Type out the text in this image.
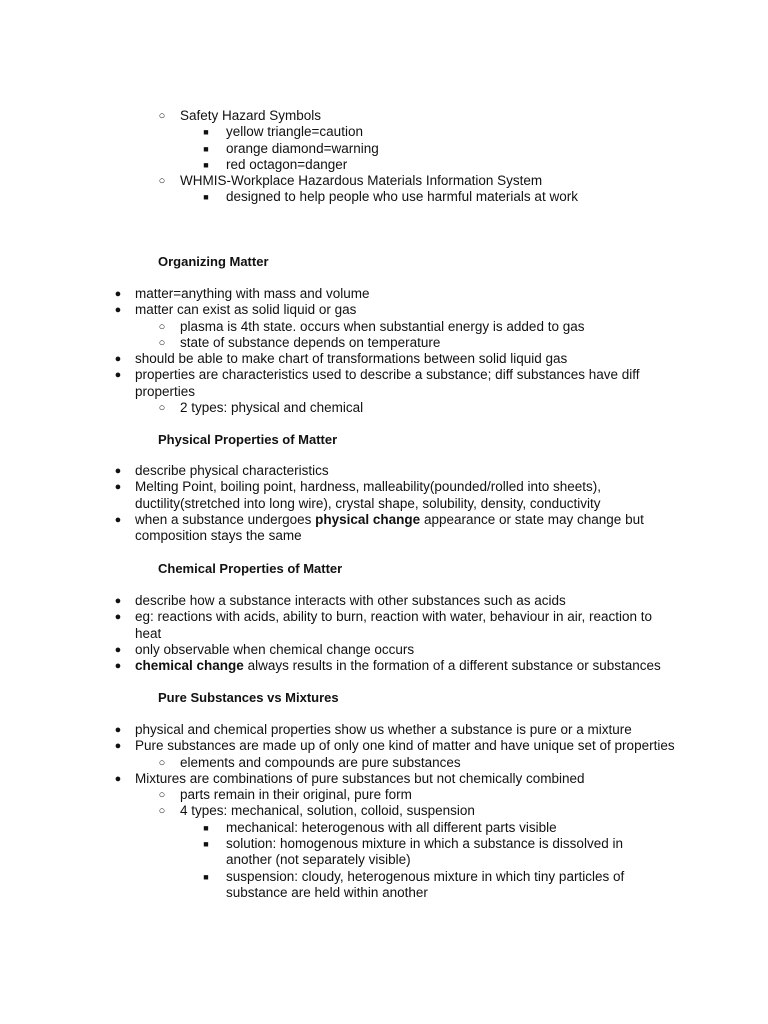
○ Safety Hazard Symbols

■ yellow triangle=caution

■ orange diamond=warning

■ red octagon=danger

○ WHMIS-Workplace Hazardous Materials Information System

■ designed to help people who use harmful materials at work

Organizing Matter

● matter=anything with mass and volume

● matter can exist as solid liquid or gas

○ plasma is 4th state. occurs when substantial energy is added to gas

○ state of substance depends on temperature

● should be able to make chart of transformations between solid liquid gas

● properties are characteristics used to describe a substance; diff substances have diff properties

○ 2 types: physical and chemical

Physical Properties of Matter

● describe physical characteristics

● Melting Point, boiling point, hardness, malleability(pounded/rolled into sheets), ductility(stretched into long wire), crystal shape, solubility, density, conductivity

● when a substance undergoes physical change appearance or state may change but composition stays the same

Chemical Properties of Matter

● describe how a substance interacts with other substances such as acids

● eg: reactions with acids, ability to burn, reaction with water, behaviour in air, reaction to heat

● only observable when chemical change occurs

● chemical change always results in the formation of a different substance or substances

Pure Substances vs Mixtures

● physical and chemical properties show us whether a substance is pure or a mixture

● Pure substances are made up of only one kind of matter and have unique set of properties

○ elements and compounds are pure substances

● Mixtures are combinations of pure substances but not chemically combined

○ parts remain in their original, pure form

○ 4 types: mechanical, solution, colloid, suspension

■ mechanical: heterogenous with all different parts visible

■ solution: homogenous mixture in which a substance is dissolved in another (not separately visible)

■ suspension: cloudy, heterogenous mixture in which tiny particles of substance are held within another
